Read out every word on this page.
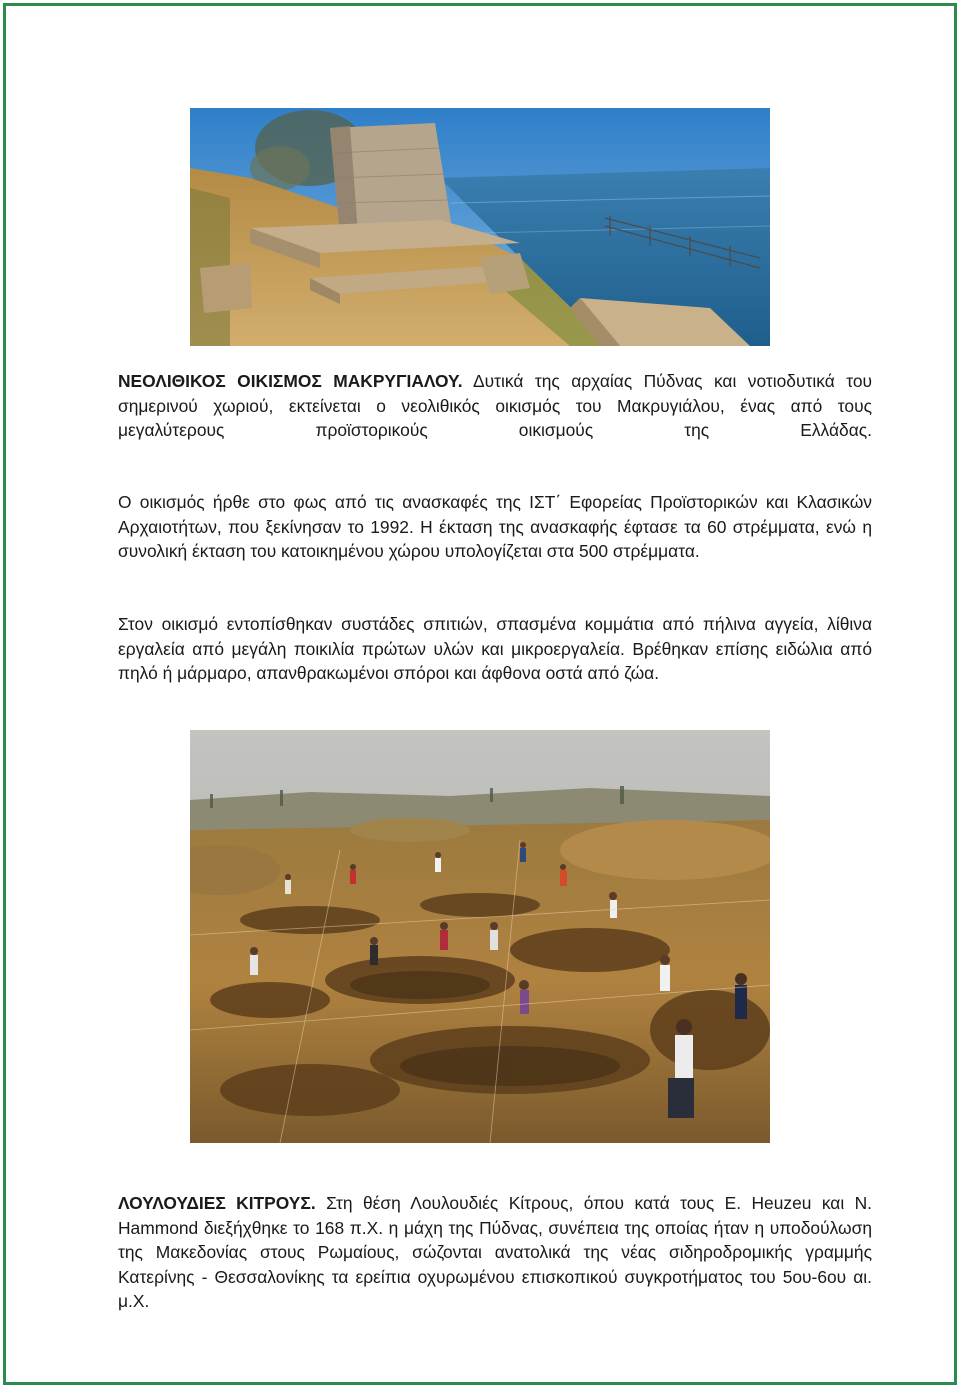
ΝΕΟΛΙΘΙΚΟΣ ΟΙΚΙΣΜΟΣ ΜΑΚΡΥΓΙΑΛΟΥ. Δυτικά της αρχαίας Πύδνας και νοτιοδυτικά του σημερινού χωριού, εκτείνεται ο νεολιθικός οικισμός του Μακρυγιάλου, ένας από τους μεγαλύτερους προϊστορικούς οικισμούς της Ελλάδας.

Ο οικισμός ήρθε στο φως από τις ανασκαφές της ΙΣΤ΄ Εφορείας Προϊστορικών και Κλασικών Αρχαιοτήτων, που ξεκίνησαν το 1992. Η έκταση της ανασκαφής έφτασε τα 60 στρέμματα, ενώ η συνολική έκταση του κατοικημένου χώρου υπολογίζεται στα 500 στρέμματα.

Στον οικισμό εντοπίσθηκαν συστάδες σπιτιών, σπασμένα κομμάτια από πήλινα αγγεία, λίθινα εργαλεία από μεγάλη ποικιλία πρώτων υλών και μικροεργαλεία. Βρέθηκαν επίσης ειδώλια από πηλό ή μάρμαρο, απανθρακωμένοι σπόροι και άφθονα οστά από ζώα.

ΛΟΥΛΟΥΔΙΕΣ ΚΙΤΡΟΥΣ. Στη θέση Λουλουδιές Κίτρους, όπου κατά τους Ε. Heuzeu και Ν. Hammond διεξήχθηκε το 168 π.Χ. η μάχη της Πύδνας, συνέπεια της οποίας ήταν η υποδούλωση της Μακεδονίας στους Ρωμαίους, σώζονται ανατολικά της νέας σιδηροδρομικής γραμμής Κατερίνης - Θεσσαλονίκης τα ερείπια οχυρωμένου επισκοπικού συγκροτήματος του 5ου-6ου αι. μ.Χ.
